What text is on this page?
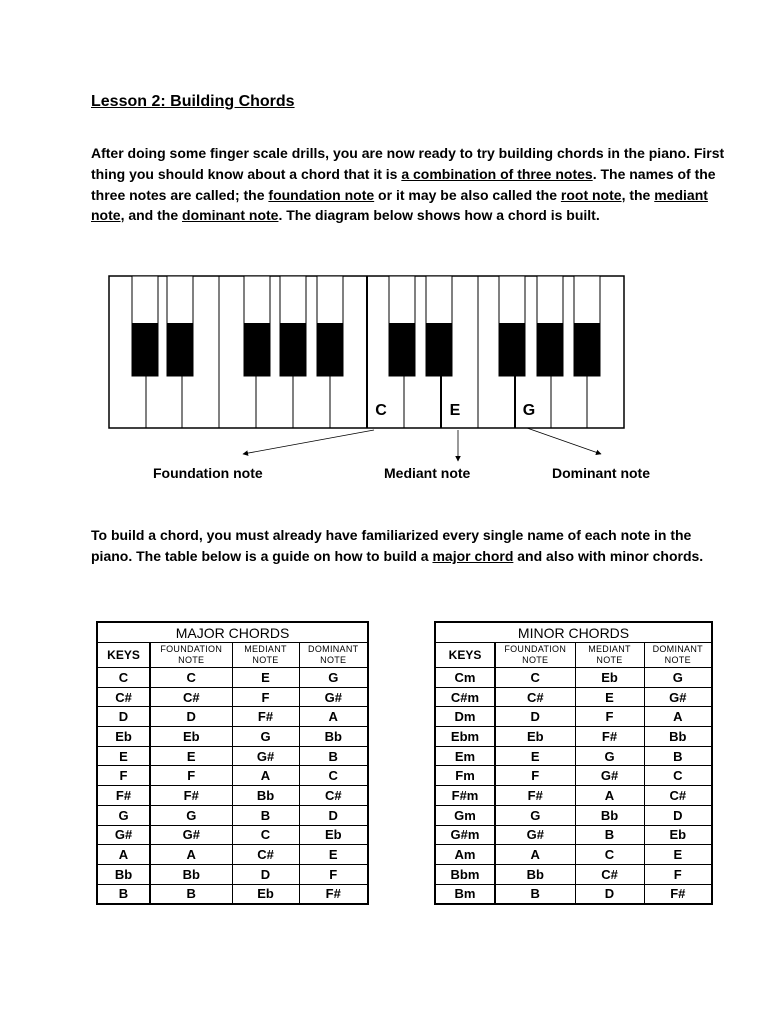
Lesson 2: Building Chords
After doing some finger scale drills, you are now ready to try building chords in the piano. First thing you should know about a chord that it is a combination of three notes. The names of the three notes are called; the foundation note or it may be also called the root note, the mediant note, and the dominant note. The diagram below shows how a chord is built.
C	E	G
Foundation note	Mediant note	Dominant note
To build a chord, you must already have familiarized every single name of each note in the piano. The table below is a guide on how to build a major chord and also with minor chords.
MAJOR CHORDS			
KEYS	FOUNDATION NOTE	MEDIANT NOTE	DOMINANT NOTE
C	C	E	G
C#	C#	F	G#
D	D	F#	A
Eb	Eb	G	Bb
E	E	G#	B
F	F	A	C
F#	F#	Bb	C#
G	G	B	D
G#	G#	C	Eb
A	A	C#	E
Bb	Bb	D	F
B	B	Eb	F#
MINOR CHORDS			
KEYS	FOUNDATION NOTE	MEDIANT NOTE	DOMINANT NOTE
Cm	C	Eb	G
C#m	C#	E	G#
Dm	D	F	A
Ebm	Eb	F#	Bb
Em	E	G	B
Fm	F	G#	C
F#m	F#	A	C#
Gm	G	Bb	D
G#m	G#	B	Eb
Am	A	C	E
Bbm	Bb	C#	F
Bm	B	D	F#
